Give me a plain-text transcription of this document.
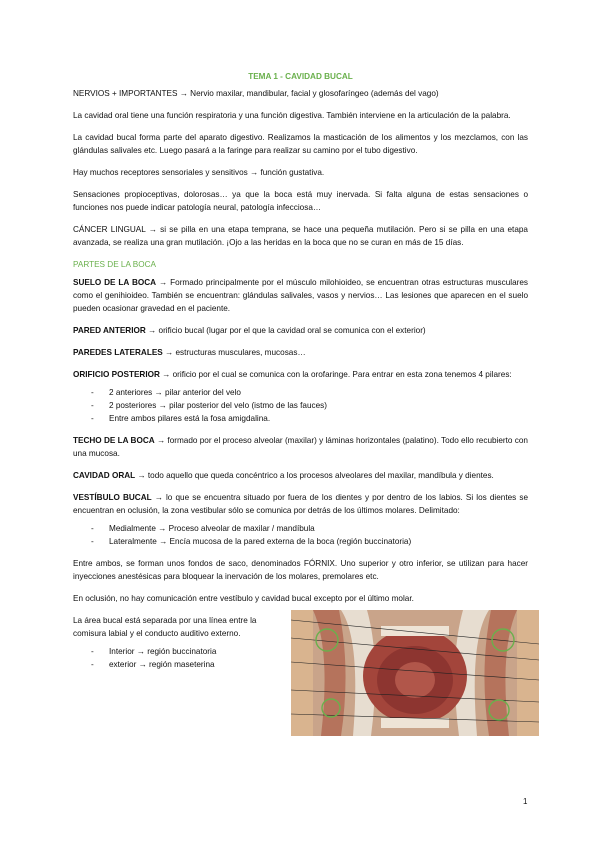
TEMA 1 - CAVIDAD BUCAL

NERVIOS + IMPORTANTES → Nervio maxilar, mandibular, facial y glosofaríngeo (además del vago)

La cavidad oral tiene una función respiratoria y una función digestiva. También interviene en la articulación de la palabra.

La cavidad bucal forma parte del aparato digestivo. Realizamos la masticación de los alimentos y los mezclamos, con las glándulas salivales etc. Luego pasará a la faringe para realizar su camino por el tubo digestivo.

Hay muchos receptores sensoriales y sensitivos → función gustativa.

Sensaciones propioceptivas, dolorosas… ya que la boca está muy inervada. Si falta alguna de estas sensaciones o funciones nos puede indicar patología neural, patología infecciosa…

CÁNCER LINGUAL → si se pilla en una etapa temprana, se hace una pequeña mutilación. Pero si se pilla en una etapa avanzada, se realiza una gran mutilación. ¡Ojo a las heridas en la boca que no se curan en más de 15 días.

PARTES DE LA BOCA

SUELO DE LA BOCA → Formado principalmente por el músculo milohioideo, se encuentran otras estructuras musculares como el genihioideo. También se encuentran: glándulas salivales, vasos y nervios… Las lesiones que aparecen en el suelo pueden ocasionar gravedad en el paciente.

PARED ANTERIOR → orificio bucal (lugar por el que la cavidad oral se comunica con el exterior)

PAREDES LATERALES → estructuras musculares, mucosas…

ORIFICIO POSTERIOR → orificio por el cual se comunica con la orofaringe. Para entrar en esta zona tenemos 4 pilares:

- 2 anteriores → pilar anterior del velo
- 2 posteriores → pilar posterior del velo (istmo de las fauces)
- Entre ambos pilares está la fosa amigdalina.

TECHO DE LA BOCA → formado por el proceso alveolar (maxilar) y láminas horizontales (palatino). Todo ello recubierto con una mucosa.

CAVIDAD ORAL → todo aquello que queda concéntrico a los procesos alveolares del maxilar, mandíbula y dientes.

VESTÍBULO BUCAL → lo que se encuentra situado por fuera de los dientes y por dentro de los labios. Si los dientes se encuentran en oclusión, la zona vestibular sólo se comunica por detrás de los últimos molares. Delimitado:

- Medialmente → Proceso alveolar de maxilar / mandíbula
- Lateralmente → Encía mucosa de la pared externa de la boca (región buccinatoria)

Entre ambos, se forman unos fondos de saco, denominados FÓRNIX. Uno superior y otro inferior, se utilizan para hacer inyecciones anestésicas para bloquear la inervación de los molares, premolares etc.

En oclusión, no hay comunicación entre vestíbulo y cavidad bucal excepto por el último molar.

La área bucal está separada por una línea entre la comisura labial y el conducto auditivo externo.

- Interior → región buccinatoria
- exterior → región maseterina
1
